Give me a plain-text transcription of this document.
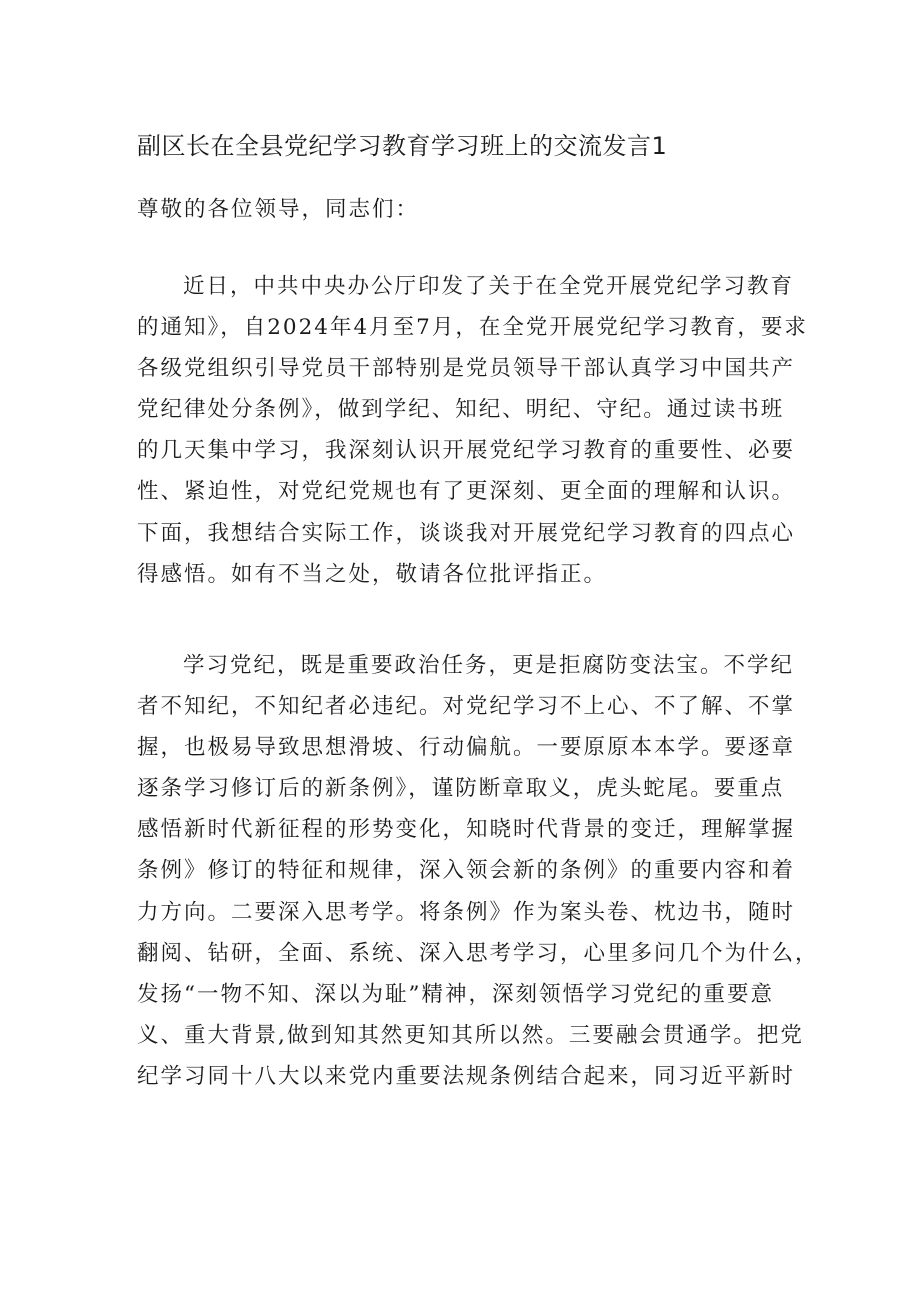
副区长在全县党纪学习教育学习班上的交流发言1

尊敬的各位领导，同志们：

近日，中共中央办公厅印发了关于在全党开展党纪学习教育
的通知》，自2024年4月至7月，在全党开展党纪学习教育，要求
各级党组织引导党员干部特别是党员领导干部认真学习中国共产
党纪律处分条例》，做到学纪、知纪、明纪、守纪。通过读书班
的几天集中学习，我深刻认识开展党纪学习教育的重要性、必要
性、紧迫性，对党纪党规也有了更深刻、更全面的理解和认识。
下面，我想结合实际工作，谈谈我对开展党纪学习教育的四点心
得感悟。如有不当之处，敬请各位批评指正。

学习党纪，既是重要政治任务，更是拒腐防变法宝。不学纪
者不知纪，不知纪者必违纪。对党纪学习不上心、不了解、不掌
握，也极易导致思想滑坡、行动偏航。一要原原本本学。要逐章
逐条学习修订后的新条例》，谨防断章取义，虎头蛇尾。要重点
感悟新时代新征程的形势变化，知晓时代背景的变迁，理解掌握
条例》修订的特征和规律，深入领会新的条例》的重要内容和着
力方向。二要深入思考学。将条例》作为案头卷、枕边书，随时
翻阅、钻研，全面、系统、深入思考学习，心里多问几个为什么，
发扬“一物不知、深以为耻”精神，深刻领悟学习党纪的重要意
义、重大背景,做到知其然更知其所以然。三要融会贯通学。把党
纪学习同十八大以来党内重要法规条例结合起来，同习近平新时
